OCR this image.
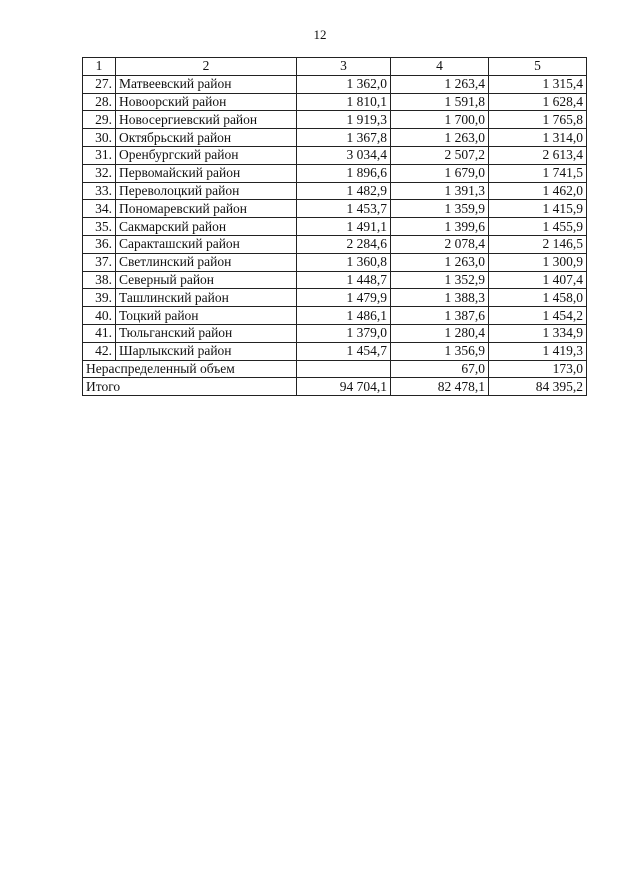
12
1	2	3	4	5
27.	Матвеевский район	1 362,0	1 263,4	1 315,4
28.	Новоорский район	1 810,1	1 591,8	1 628,4
29.	Новосергиевский район	1 919,3	1 700,0	1 765,8
30.	Октябрьский район	1 367,8	1 263,0	1 314,0
31.	Оренбургский район	3 034,4	2 507,2	2 613,4
32.	Первомайский район	1 896,6	1 679,0	1 741,5
33.	Переволоцкий район	1 482,9	1 391,3	1 462,0
34.	Пономаревский район	1 453,7	1 359,9	1 415,9
35.	Сакмарский район	1 491,1	1 399,6	1 455,9
36.	Саракташский район	2 284,6	2 078,4	2 146,5
37.	Светлинский район	1 360,8	1 263,0	1 300,9
38.	Северный район	1 448,7	1 352,9	1 407,4
39.	Ташлинский район	1 479,9	1 388,3	1 458,0
40.	Тоцкий район	1 486,1	1 387,6	1 454,2
41.	Тюльганский район	1 379,0	1 280,4	1 334,9
42.	Шарлыкский район	1 454,7	1 356,9	1 419,3
Нераспределенный объем			67,0	173,0
Итого		94 704,1	82 478,1	84 395,2
